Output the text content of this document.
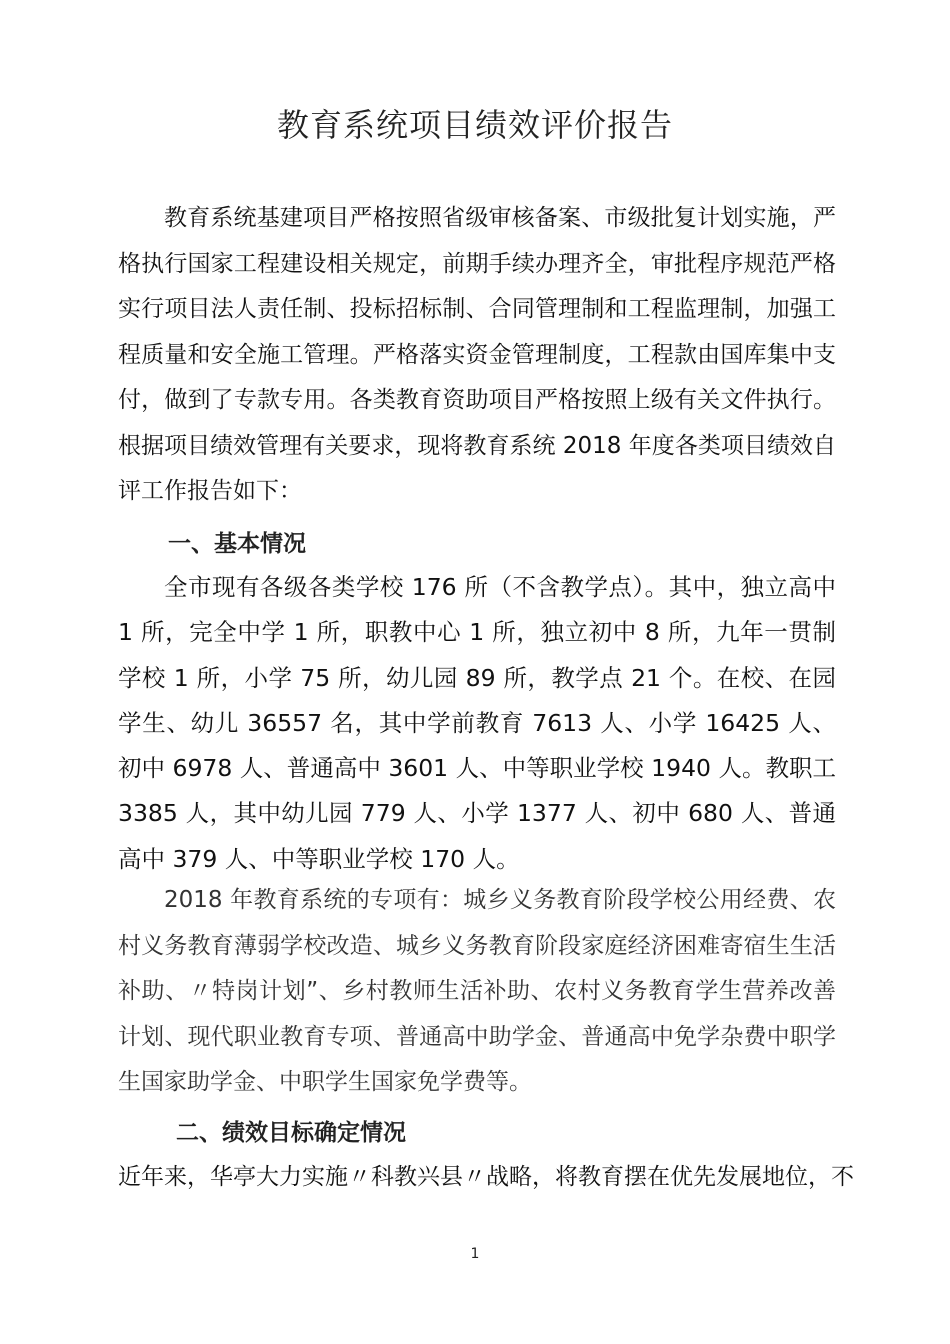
教育系统项目绩效评价报告

教育系统基建项目严格按照省级审核备案、市级批复计划实施，严格执行国家工程建设相关规定，前期手续办理齐全，审批程序规范严格实行项目法人责任制、投标招标制、合同管理制和工程监理制，加强工程质量和安全施工管理。严格落实资金管理制度，工程款由国库集中支付，做到了专款专用。各类教育资助项目严格按照上级有关文件执行。根据项目绩效管理有关要求，现将教育系统 2018 年度各类项目绩效自评工作报告如下：

一、基本情况

全市现有各级各类学校 176 所（不含教学点）。其中，独立高中 1 所，完全中学 1 所，职教中心 1 所，独立初中 8 所，九年一贯制学校 1 所，小学 75 所，幼儿园 89 所，教学点 21 个。在校、在园学生、幼儿 36557 名，其中学前教育 7613 人、小学 16425 人、初中 6978 人、普通高中 3601 人、中等职业学校 1940 人。教职工 3385 人，其中幼儿园 779 人、小学 1377 人、初中 680 人、普通高中 379 人、中等职业学校 170 人。

2018 年教育系统的专项有：城乡义务教育阶段学校公用经费、农村义务教育薄弱学校改造、城乡义务教育阶段家庭经济困难寄宿生生活补助、〃特岗计划”、乡村教师生活补助、农村义务教育学生营养改善计划、现代职业教育专项、普通高中助学金、普通高中免学杂费中职学生国家助学金、中职学生国家免学费等。

二、绩效目标确定情况

近年来，华亭大力实施〃科教兴县〃战略，将教育摆在优先发展地位，不

1
